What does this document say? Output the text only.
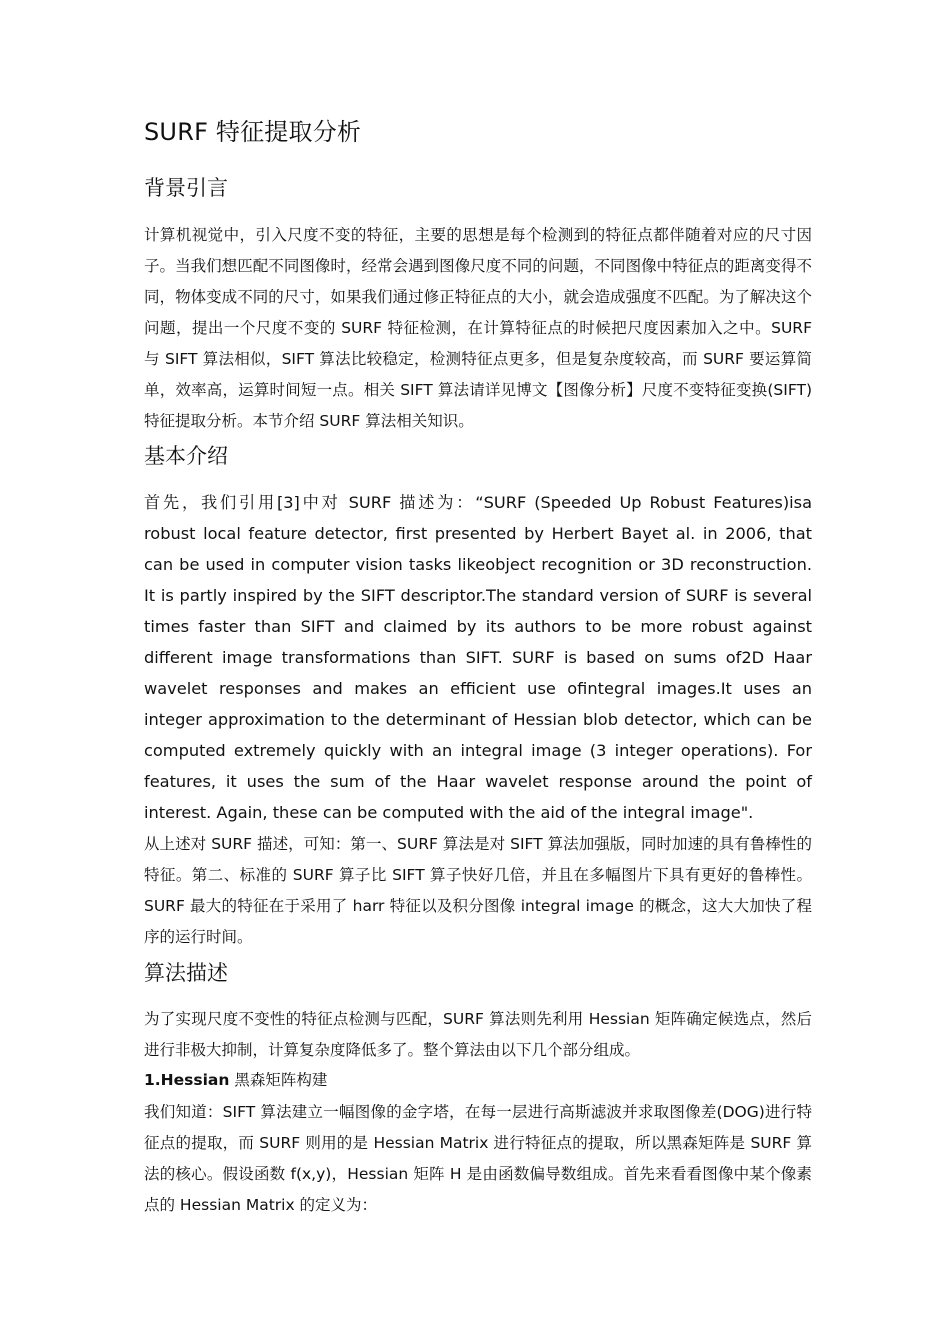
SURF 特征提取分析
背景引言

计算机视觉中，引入尺度不变的特征，主要的思想是每个检测到的特征点都伴随着对应的尺寸因子。当我们想匹配不同图像时，经常会遇到图像尺度不同的问题，不同图像中特征点的距离变得不同，物体变成不同的尺寸，如果我们通过修正特征点的大小，就会造成强度不匹配。为了解决这个问题，提出一个尺度不变的 SURF 特征检测，在计算特征点的时候把尺度因素加入之中。SURF 与 SIFT 算法相似，SIFT 算法比较稳定，检测特征点更多，但是复杂度较高，而 SURF 要运算简单，效率高，运算时间短一点。相关 SIFT 算法请详见博文【图像分析】尺度不变特征变换(SIFT)特征提取分析。本节介绍 SURF 算法相关知识。

基本介绍

首先，我们引用[3]中对 SURF 描述为：“SURF (Speeded Up Robust Features)isa robust local feature detector, first presented by Herbert Bayet al. in 2006, that can be used in computer vision tasks likeobject recognition or 3D reconstruction. It is partly inspired by the SIFT descriptor.The standard version of SURF is several times faster than SIFT and claimed by its authors to be more robust against different image transformations than SIFT. SURF is based on sums of2D Haar wavelet responses and makes an efficient use ofintegral images.It uses an integer approximation to the determinant of Hessian blob detector, which can be computed extremely quickly with an integral image (3 integer operations). For features, it uses the sum of the Haar wavelet response around the point of interest. Again, these can be computed with the aid of the integral image".

从上述对 SURF 描述，可知：第一、SURF 算法是对 SIFT 算法加强版，同时加速的具有鲁棒性的特征。第二、标准的 SURF 算子比 SIFT 算子快好几倍，并且在多幅图片下具有更好的鲁棒性。SURF 最大的特征在于采用了 harr 特征以及积分图像 integral image 的概念，这大大加快了程序的运行时间。

算法描述

为了实现尺度不变性的特征点检测与匹配，SURF 算法则先利用 Hessian 矩阵确定候选点，然后进行非极大抑制，计算复杂度降低多了。整个算法由以下几个部分组成。

1.Hessian 黑森矩阵构建

我们知道：SIFT 算法建立一幅图像的金字塔，在每一层进行高斯滤波并求取图像差(DOG)进行特征点的提取，而 SURF 则用的是 Hessian Matrix 进行特征点的提取，所以黑森矩阵是 SURF 算法的核心。假设函数 f(x,y)，Hessian 矩阵 H 是由函数偏导数组成。首先来看看图像中某个像素点的 Hessian Matrix 的定义为：
